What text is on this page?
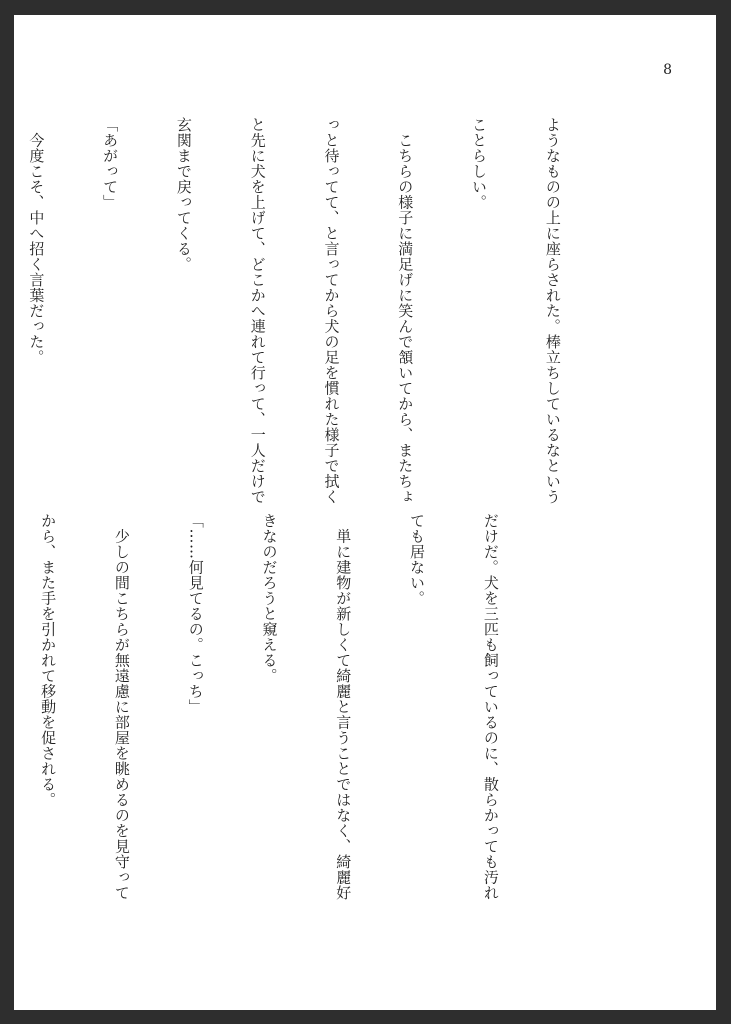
8

ようなものの上に座らされた。棒立ちしているなという

ことらしい。

　こちらの様子に満足げに笑んで頷いてから、またちょ

っと待ってて、と言ってから犬の足を慣れた様子で拭く

と先に犬を上げて、どこかへ連れて行って、一人だけで

玄関まで戻ってくる。

「あがって」

　今度こそ、中へ招く言葉だった。

だけだ。犬を三匹も飼っているのに、散らかっても汚れ

ても居ない。

　単に建物が新しくて綺麗と言うことではなく、綺麗好

きなのだろうと窺える。

「……何見てるの。こっち」

　少しの間こちらが無遠慮に部屋を眺めるのを見守って

から、また手を引かれて移動を促される。
